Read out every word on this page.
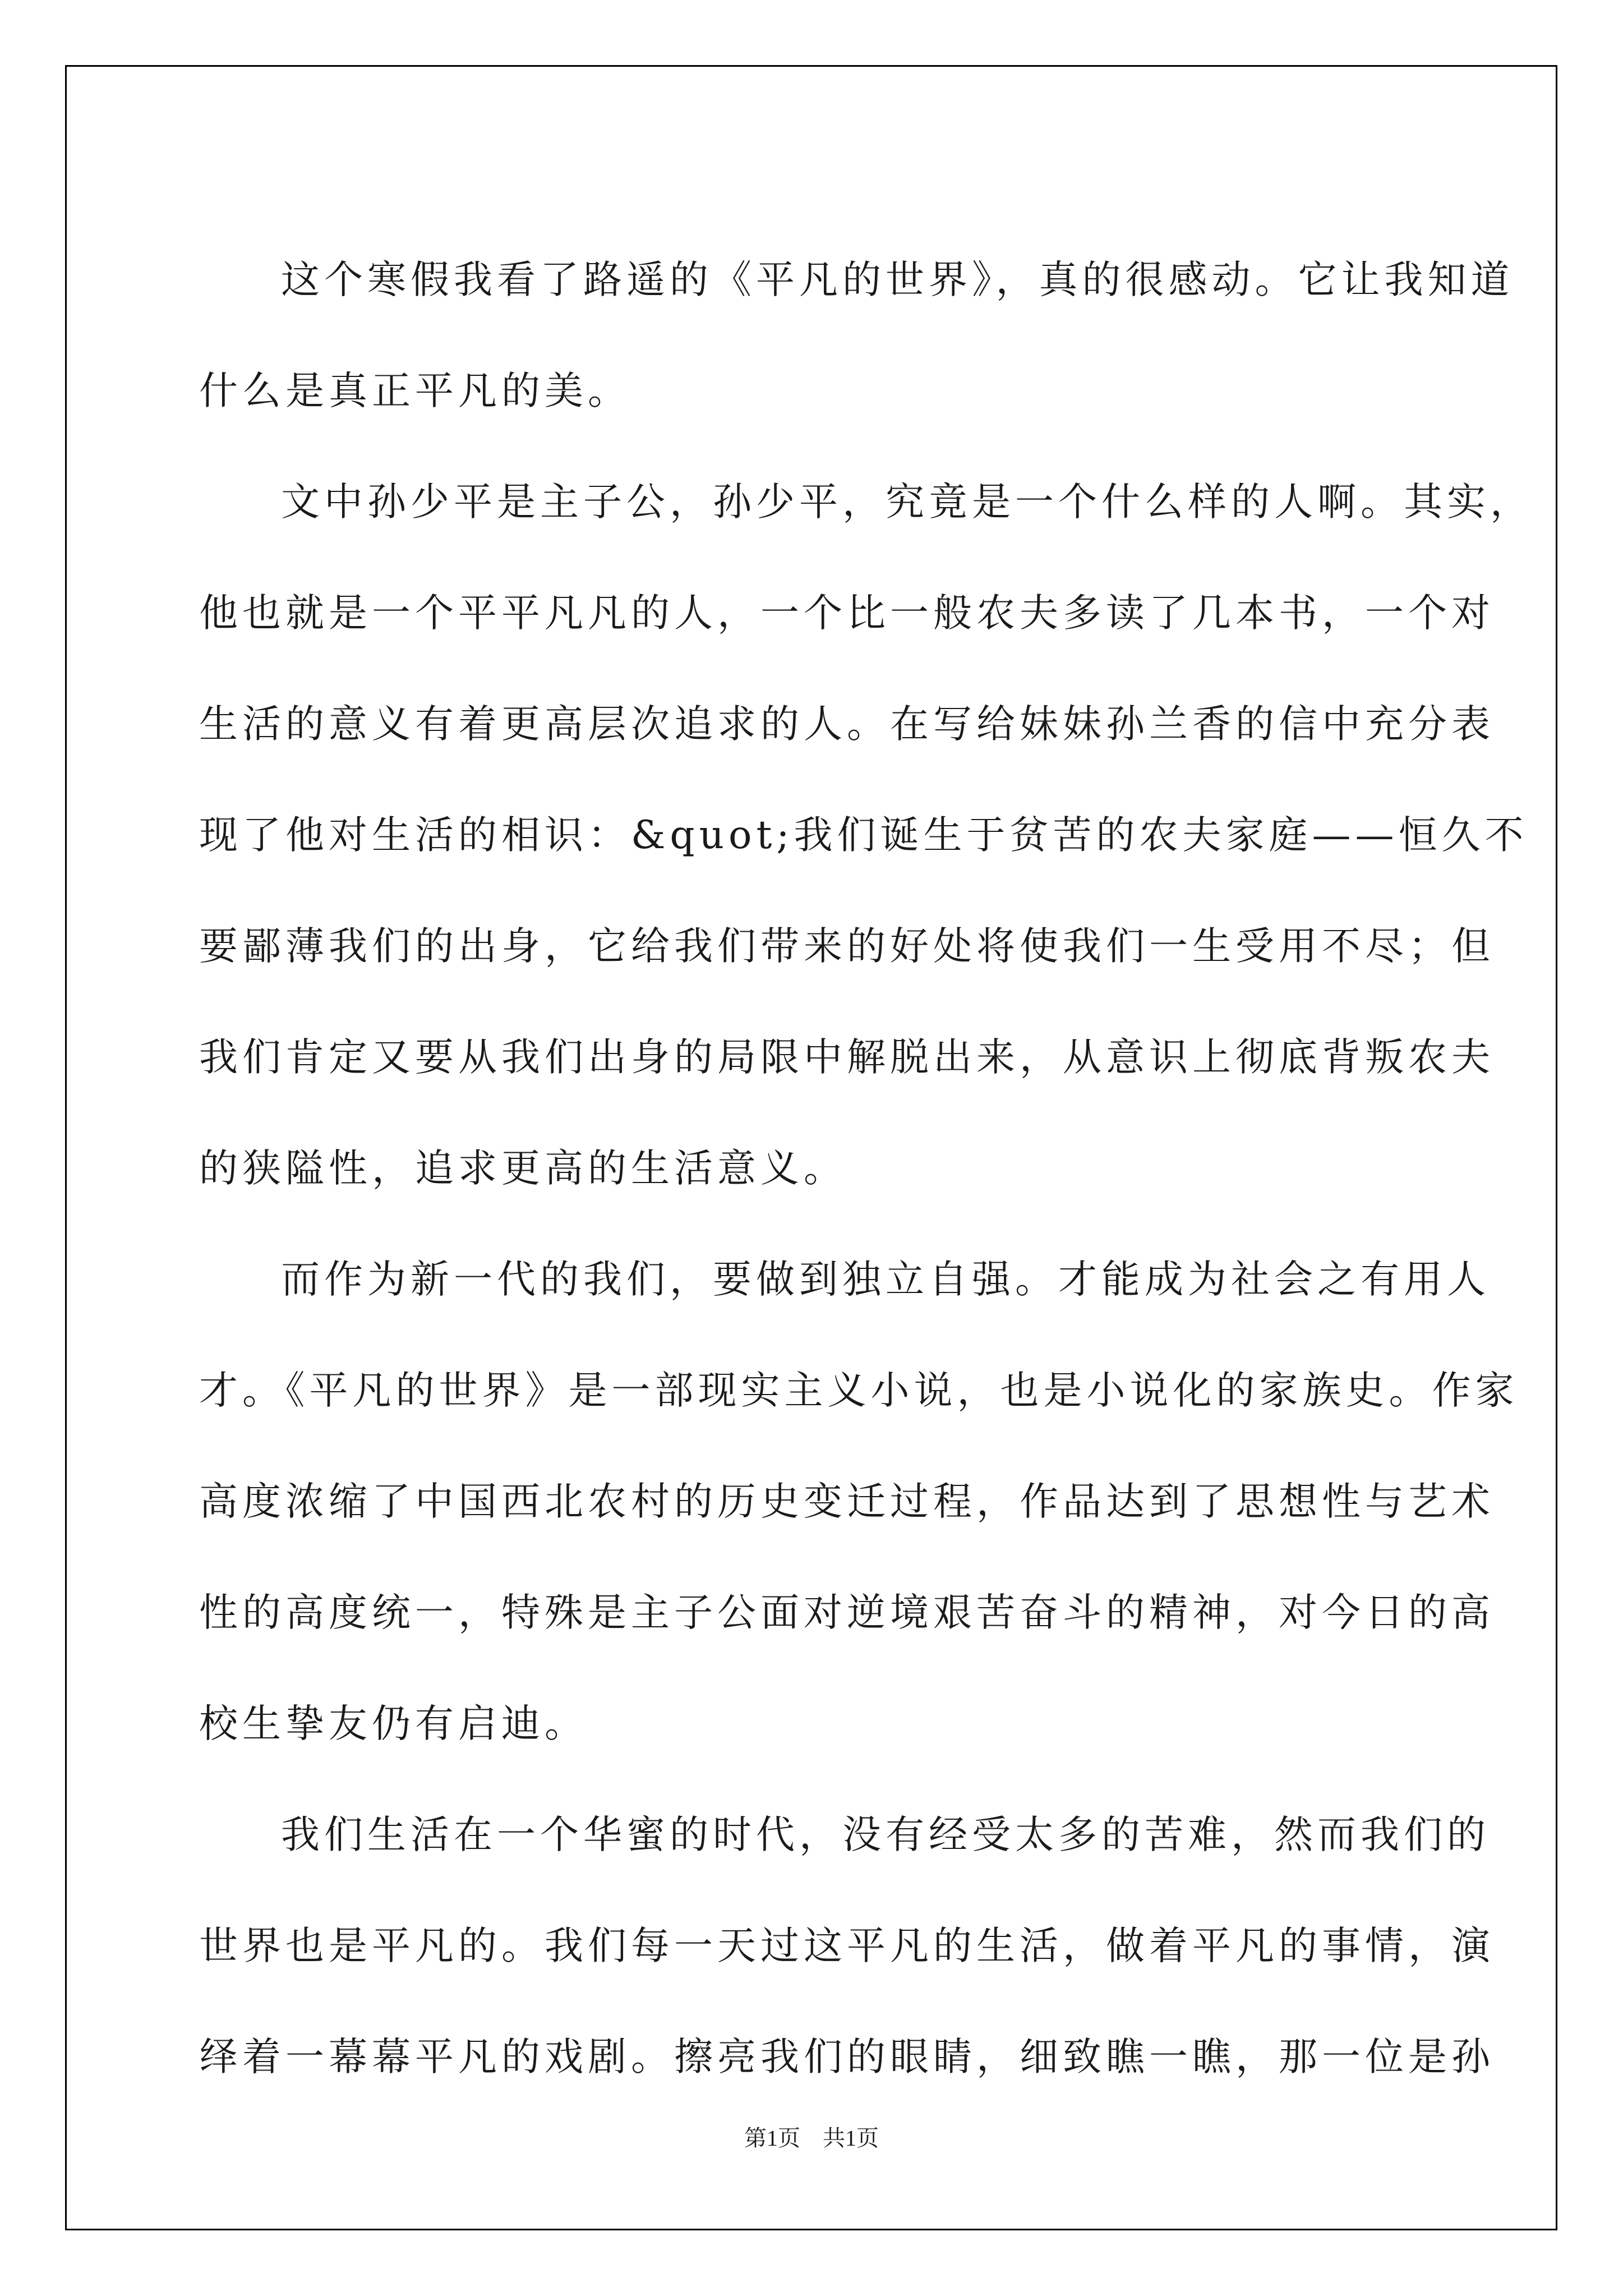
这个寒假我看了路遥的《平凡的世界》，真的很感动。它让我知道
什么是真正平凡的美。

文中孙少平是主子公，孙少平，究竟是一个什么样的人啊。其实，
他也就是一个平平凡凡的人，一个比一般农夫多读了几本书，一个对
生活的意义有着更高层次追求的人。在写给妹妹孙兰香的信中充分表
现了他对生活的相识：&quot;我们诞生于贫苦的农夫家庭——恒久不
要鄙薄我们的出身，它给我们带来的好处将使我们一生受用不尽；但
我们肯定又要从我们出身的局限中解脱出来，从意识上彻底背叛农夫
的狭隘性，追求更高的生活意义。

而作为新一代的我们，要做到独立自强。才能成为社会之有用人
才。《平凡的世界》是一部现实主义小说，也是小说化的家族史。作家
高度浓缩了中国西北农村的历史变迁过程，作品达到了思想性与艺术
性的高度统一，特殊是主子公面对逆境艰苦奋斗的精神，对今日的高
校生挚友仍有启迪。

我们生活在一个华蜜的时代，没有经受太多的苦难，然而我们的
世界也是平凡的。我们每一天过这平凡的生活，做着平凡的事情，演
绎着一幕幕平凡的戏剧。擦亮我们的眼睛，细致瞧一瞧，那一位是孙

第1页　共1页
